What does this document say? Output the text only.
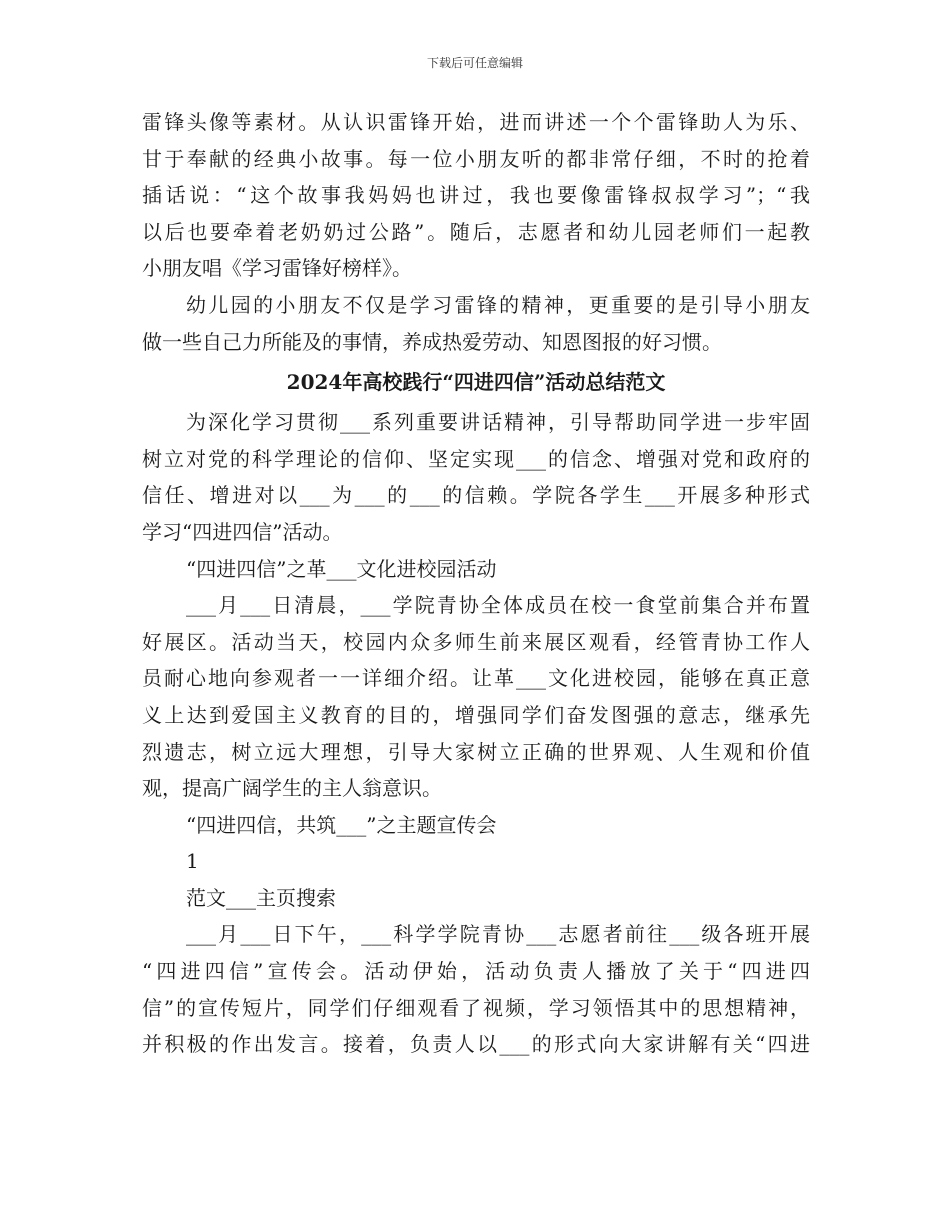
下载后可任意编辑
雷锋头像等素材。从认识雷锋开始，进而讲述一个个雷锋助人为乐、
甘于奉献的经典小故事。每一位小朋友听的都非常仔细，不时的抢着
插话说：“这个故事我妈妈也讲过，我也要像雷锋叔叔学习”；“我
以后也要牵着老奶奶过公路”。随后，志愿者和幼儿园老师们一起教
小朋友唱《学习雷锋好榜样》。
幼儿园的小朋友不仅是学习雷锋的精神，更重要的是引导小朋友
做一些自己力所能及的事情，养成热爱劳动、知恩图报的好习惯。
2024年高校践行“四进四信”活动总结范文
为深化学习贯彻___系列重要讲话精神，引导帮助同学进一步牢固
树立对党的科学理论的信仰、坚定实现___的信念、增强对党和政府的
信任、增进对以___为___的___的信赖。学院各学生___开展多种形式
学习“四进四信”活动。
“四进四信”之革___文化进校园活动
___月___日清晨，___学院青协全体成员在校一食堂前集合并布置
好展区。活动当天，校园内众多师生前来展区观看，经管青协工作人
员耐心地向参观者一一详细介绍。让革___文化进校园，能够在真正意
义上达到爱国主义教育的目的，增强同学们奋发图强的意志，继承先
烈遗志，树立远大理想，引导大家树立正确的世界观、人生观和价值
观，提高广阔学生的主人翁意识。
“四进四信，共筑___”之主题宣传会
1
范文___主页搜索
___月___日下午，___科学学院青协___志愿者前往___级各班开展
“四进四信”宣传会。活动伊始，活动负责人播放了关于“四进四
信”的宣传短片，同学们仔细观看了视频，学习领悟其中的思想精神，
并积极的作出发言。接着，负责人以___的形式向大家讲解有关“四进
